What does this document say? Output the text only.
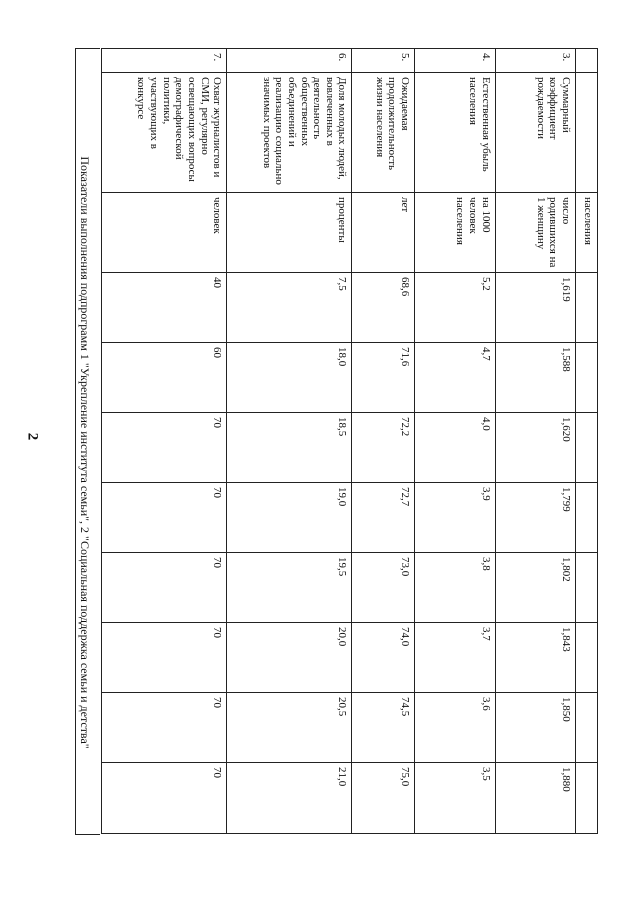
2
		населения								
3.	Суммарный коэффициент рождаемости	число родившихся на 1 женщину	1,619	1,588	1,620	1,799	1,802	1,843	1,850	1,880
4.	Естественная убыль населения	на 1000 человек населения	5,2	4,7	4,0	3,9	3,8	3,7	3,6	3,5
5.	Ожидаемая продолжительность жизни населения	лет	68,6	71,6	72,2	72,7	73,0	74,0	74,5	75,0
6.	Доля молодых людей, вовлеченных в деятельность общественных объединений и реализацию социально значимых проектов	проценты	7,5	18,0	18,5	19,0	19,5	20,0	20,5	21,0
7.	Охват журналистов и СМИ, регулярно освещающих вопросы демографической политики, участвующих в конкурсе	человек	40	60	70	70	70	70	70	70
Показатели выполнения подпрограмм 1 "Укрепление института семьи", 2 "Социальная поддержка семьи и детства"
